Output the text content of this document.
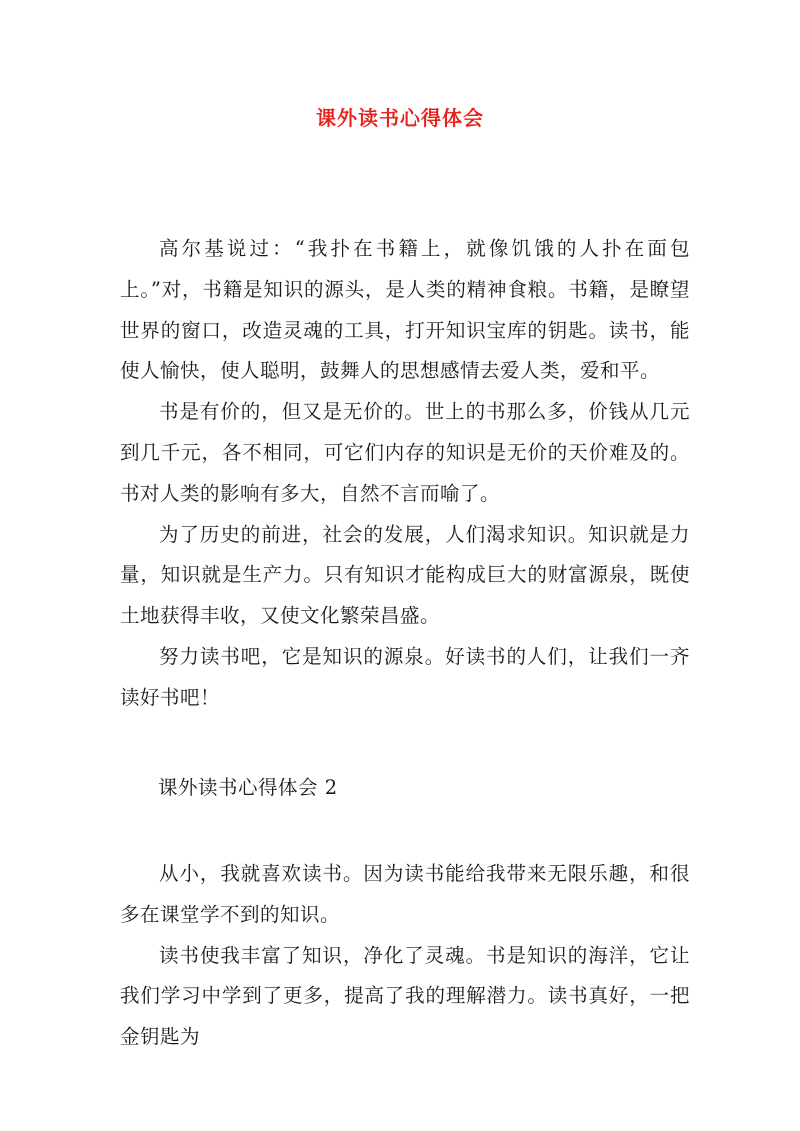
课外读书心得体会

高尔基说过：“我扑在书籍上，就像饥饿的人扑在面包上。”对，书籍是知识的源头，是人类的精神食粮。书籍，是瞭望世界的窗口，改造灵魂的工具，打开知识宝库的钥匙。读书，能使人愉快，使人聪明，鼓舞人的思想感情去爱人类，爱和平。

书是有价的，但又是无价的。世上的书那么多，价钱从几元到几千元，各不相同，可它们内存的知识是无价的天价难及的。书对人类的影响有多大，自然不言而喻了。

为了历史的前进，社会的发展，人们渴求知识。知识就是力量，知识就是生产力。只有知识才能构成巨大的财富源泉，既使土地获得丰收，又使文化繁荣昌盛。

努力读书吧，它是知识的源泉。好读书的人们，让我们一齐读好书吧！

课外读书心得体会 2

从小，我就喜欢读书。因为读书能给我带来无限乐趣，和很多在课堂学不到的知识。

读书使我丰富了知识，净化了灵魂。书是知识的海洋，它让我们学习中学到了更多，提高了我的理解潜力。读书真好，一把金钥匙为
